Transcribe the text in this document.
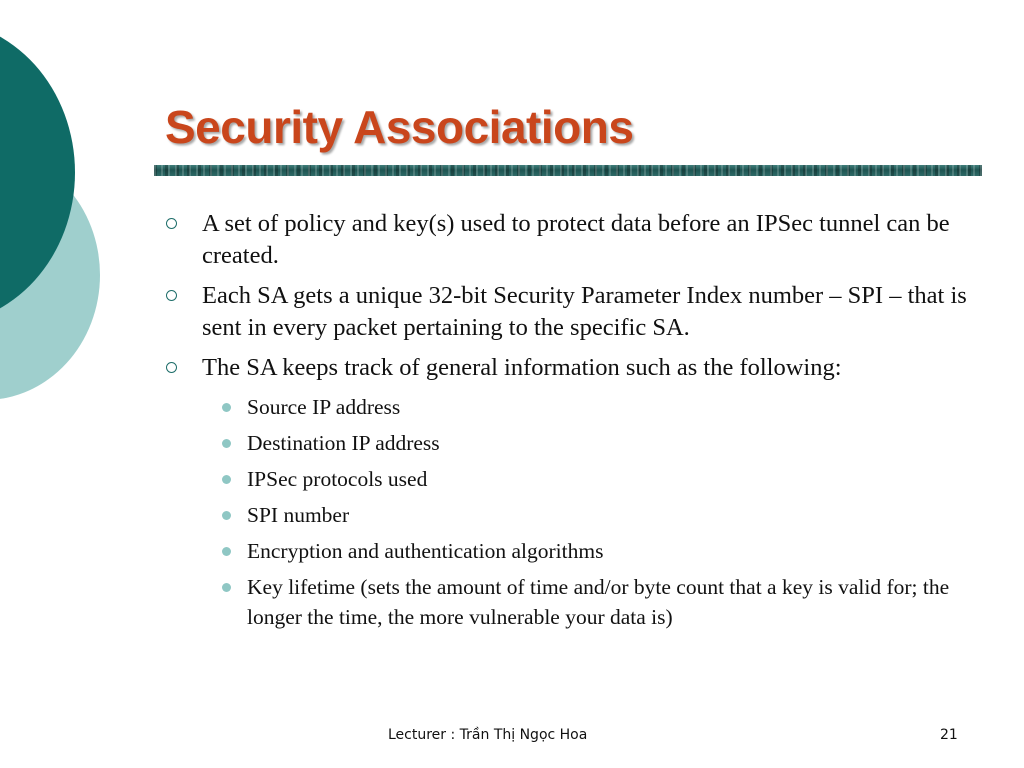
Security Associations
A set of policy and key(s) used to protect data before an IPSec tunnel can be created.
Each SA gets a unique 32-bit Security Parameter Index number – SPI – that is sent in every packet pertaining to the specific SA.
The SA keeps track of general information such as the following:
Source IP address
Destination IP address
IPSec protocols used
SPI number
Encryption and authentication algorithms
Key lifetime (sets the amount of time and/or byte count that a key is valid for; the longer the time, the more vulnerable your data is)
Lecturer : Trần Thị Ngọc Hoa	21
